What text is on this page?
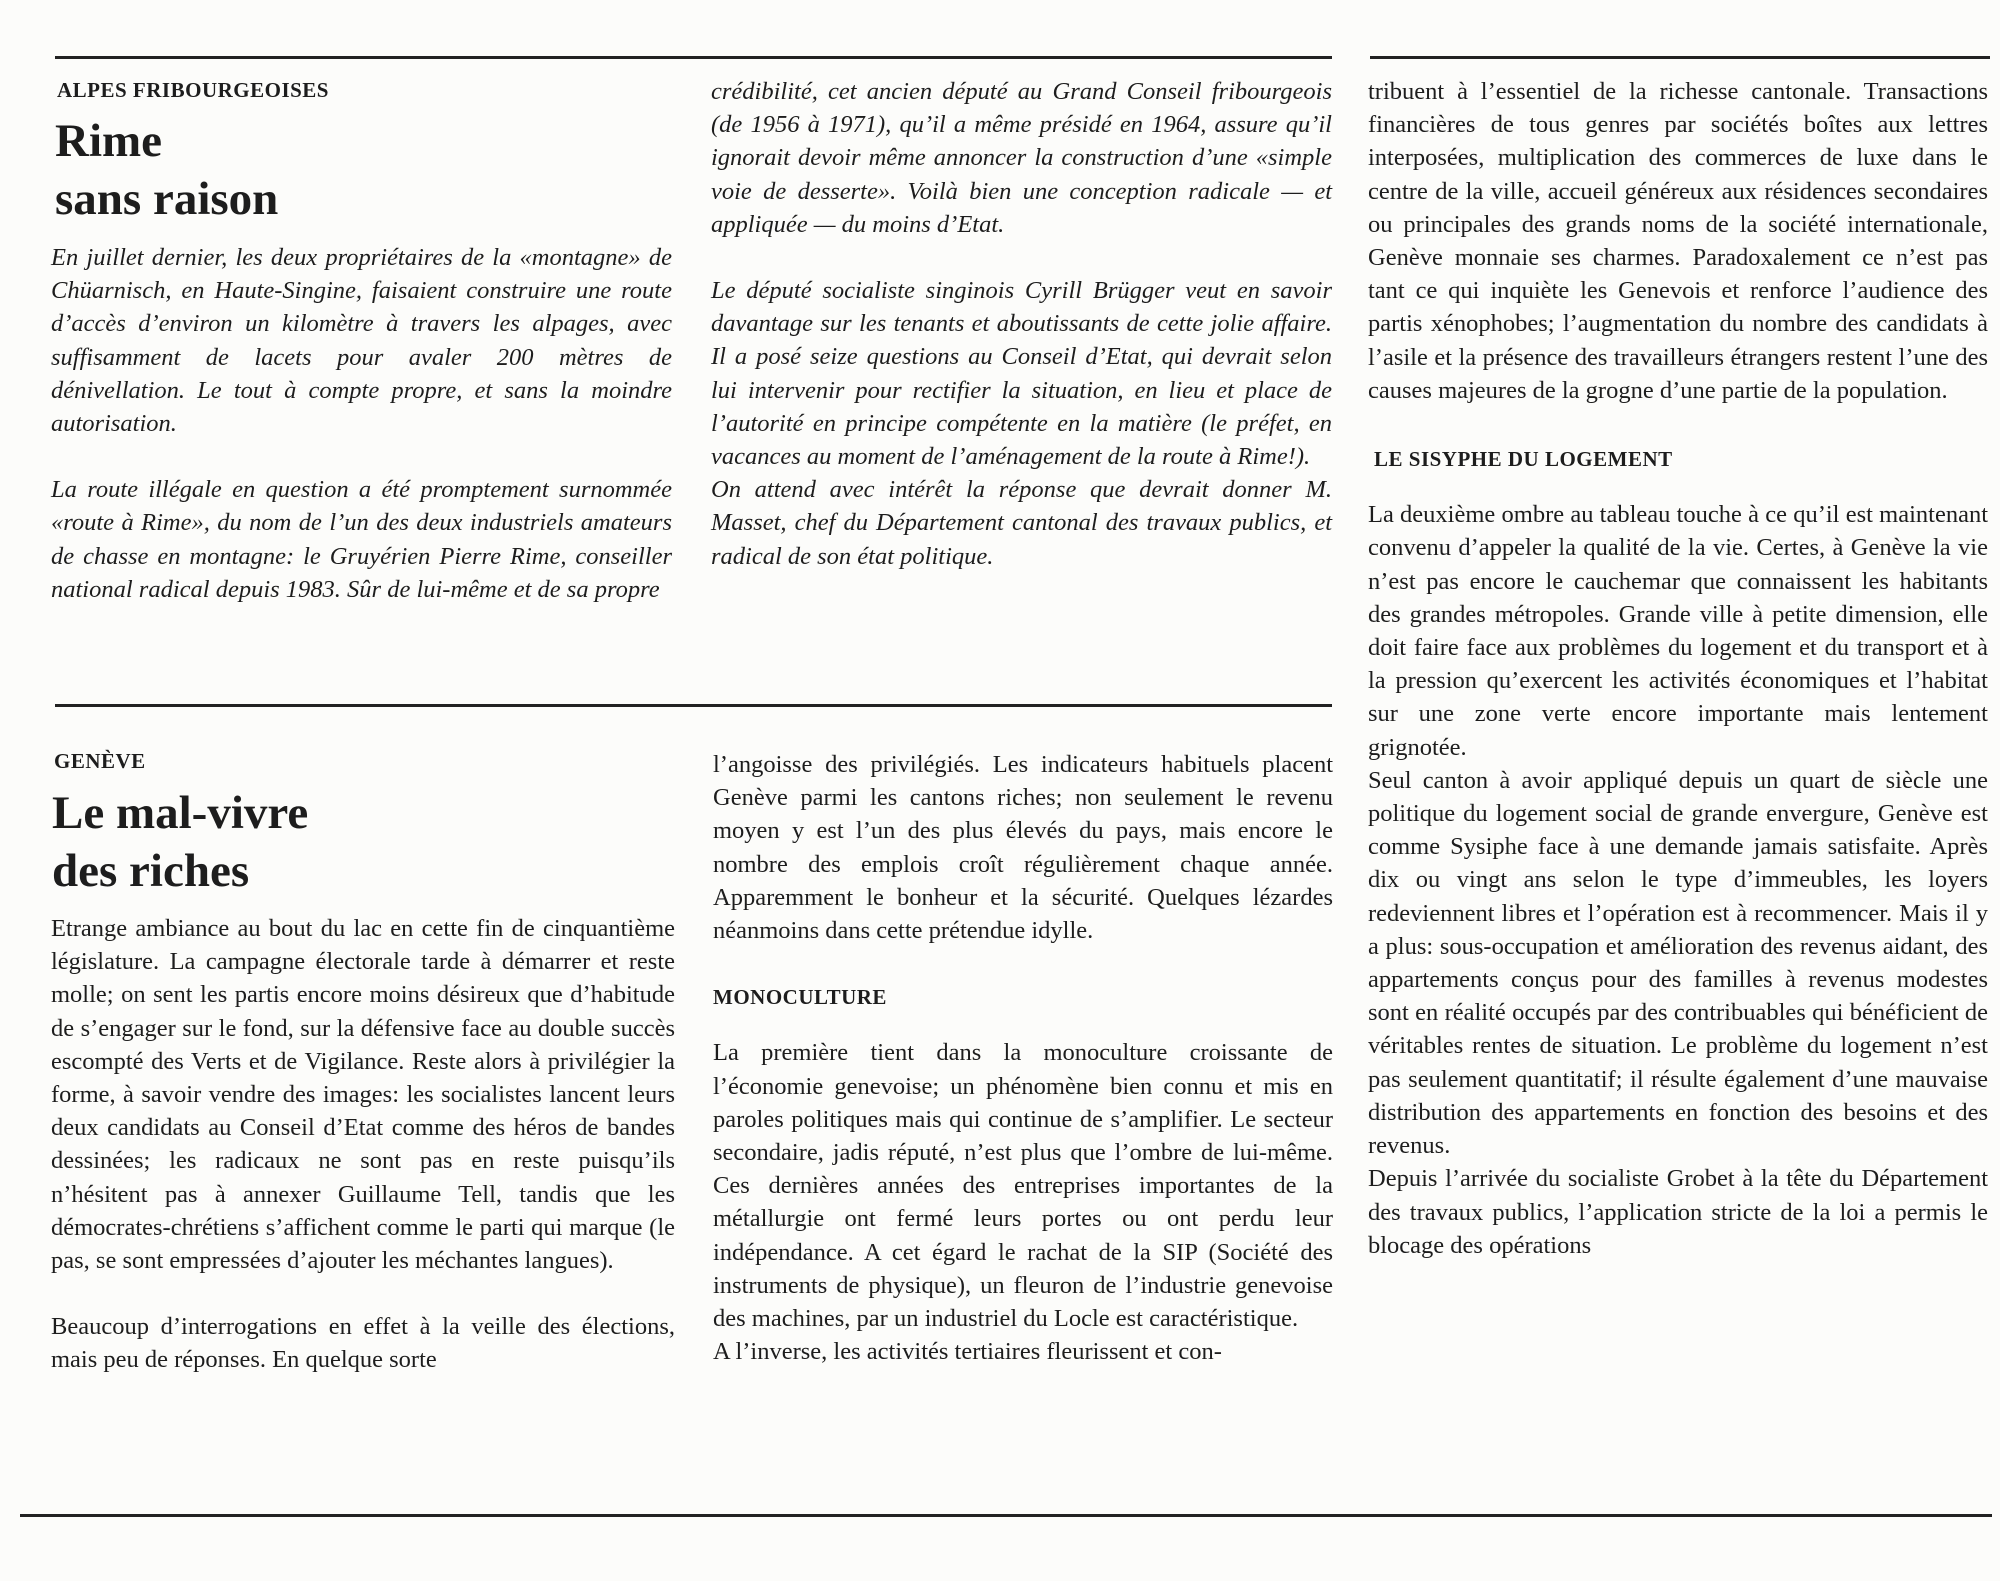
ALPES FRIBOURGEOISES
Rime
sans raison

En juillet dernier, les deux propriétaires de la «montagne» de Chüarnisch, en Haute-Singine, faisaient construire une route d’accès d’environ un kilomètre à travers les alpages, avec suffisamment de lacets pour avaler 200 mètres de dénivellation. Le tout à compte propre, et sans la moindre autorisation.

La route illégale en question a été promptement surnommée «route à Rime», du nom de l’un des deux industriels amateurs de chasse en montagne: le Gruyérien Pierre Rime, conseiller national radical depuis 1983. Sûr de lui-même et de sa propre

crédibilité, cet ancien député au Grand Conseil fribourgeois (de 1956 à 1971), qu’il a même présidé en 1964, assure qu’il ignorait devoir même annoncer la construction d’une «simple voie de desserte». Voilà bien une conception radicale — et appliquée — du moins d’Etat.

Le député socialiste singinois Cyrill Brügger veut en savoir davantage sur les tenants et aboutissants de cette jolie affaire. Il a posé seize questions au Conseil d’Etat, qui devrait selon lui intervenir pour rectifier la situation, en lieu et place de l’autorité en principe compétente en la matière (le préfet, en vacances au moment de l’aménagement de la route à Rime!).

On attend avec intérêt la réponse que devrait donner M. Masset, chef du Département cantonal des travaux publics, et radical de son état politique.

GENÈVE
Le mal-vivre
des riches

Etrange ambiance au bout du lac en cette fin de cinquantième législature. La campagne électorale tarde à démarrer et reste molle; on sent les partis encore moins désireux que d’habitude de s’engager sur le fond, sur la défensive face au double succès escompté des Verts et de Vigilance. Reste alors à privilégier la forme, à savoir vendre des images: les socialistes lancent leurs deux candidats au Conseil d’Etat comme des héros de bandes dessinées; les radicaux ne sont pas en reste puisqu’ils n’hésitent pas à annexer Guillaume Tell, tandis que les démocrates-chrétiens s’affichent comme le parti qui marque (le pas, se sont empressées d’ajouter les méchantes langues).

Beaucoup d’interrogations en effet à la veille des élections, mais peu de réponses. En quelque sorte

l’angoisse des privilégiés. Les indicateurs habituels placent Genève parmi les cantons riches; non seulement le revenu moyen y est l’un des plus élevés du pays, mais encore le nombre des emplois croît régulièrement chaque année. Apparemment le bonheur et la sécurité. Quelques lézardes néanmoins dans cette prétendue idylle.

MONOCULTURE

La première tient dans la monoculture croissante de l’économie genevoise; un phénomène bien connu et mis en paroles politiques mais qui continue de s’amplifier. Le secteur secondaire, jadis réputé, n’est plus que l’ombre de lui-même. Ces dernières années des entreprises importantes de la métallurgie ont fermé leurs portes ou ont perdu leur indépendance. A cet égard le rachat de la SIP (Société des instruments de physique), un fleuron de l’industrie genevoise des machines, par un industriel du Locle est caractéristique.

A l’inverse, les activités tertiaires fleurissent et con-

tribuent à l’essentiel de la richesse cantonale. Transactions financières de tous genres par sociétés boîtes aux lettres interposées, multiplication des commerces de luxe dans le centre de la ville, accueil généreux aux résidences secondaires ou principales des grands noms de la société internationale, Genève monnaie ses charmes. Paradoxalement ce n’est pas tant ce qui inquiète les Genevois et renforce l’audience des partis xénophobes; l’augmentation du nombre des candidats à l’asile et la présence des travailleurs étrangers restent l’une des causes majeures de la grogne d’une partie de la population.

LE SISYPHE DU LOGEMENT

La deuxième ombre au tableau touche à ce qu’il est maintenant convenu d’appeler la qualité de la vie. Certes, à Genève la vie n’est pas encore le cauchemar que connaissent les habitants des grandes métropoles. Grande ville à petite dimension, elle doit faire face aux problèmes du logement et du transport et à la pression qu’exercent les activités économiques et l’habitat sur une zone verte encore importante mais lentement grignotée.

Seul canton à avoir appliqué depuis un quart de siècle une politique du logement social de grande envergure, Genève est comme Sysiphe face à une demande jamais satisfaite. Après dix ou vingt ans selon le type d’immeubles, les loyers redeviennent libres et l’opération est à recommencer. Mais il y a plus: sous-occupation et amélioration des revenus aidant, des appartements conçus pour des familles à revenus modestes sont en réalité occupés par des contribuables qui bénéficient de véritables rentes de situation. Le problème du logement n’est pas seulement quantitatif; il résulte également d’une mauvaise distribution des appartements en fonction des besoins et des revenus.

Depuis l’arrivée du socialiste Grobet à la tête du Département des travaux publics, l’application stricte de la loi a permis le blocage des opérations
